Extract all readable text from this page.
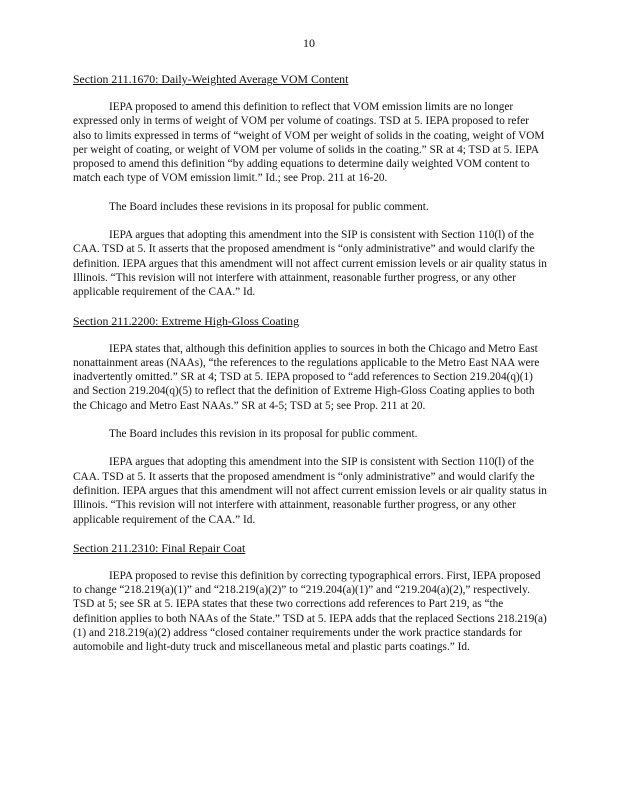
10
Section 211.1670: Daily-Weighted Average VOM Content

IEPA proposed to amend this definition to reflect that VOM emission limits are no longer expressed only in terms of weight of VOM per volume of coatings. TSD at 5. IEPA proposed to refer also to limits expressed in terms of “weight of VOM per weight of solids in the coating, weight of VOM per weight of coating, or weight of VOM per volume of solids in the coating.” SR at 4; TSD at 5. IEPA proposed to amend this definition “by adding equations to determine daily weighted VOM content to match each type of VOM emission limit.” Id.; see Prop. 211 at 16-20.

The Board includes these revisions in its proposal for public comment.

IEPA argues that adopting this amendment into the SIP is consistent with Section 110(l) of the CAA. TSD at 5. It asserts that the proposed amendment is “only administrative” and would clarify the definition. IEPA argues that this amendment will not affect current emission levels or air quality status in Illinois. “This revision will not interfere with attainment, reasonable further progress, or any other applicable requirement of the CAA.” Id.

Section 211.2200: Extreme High-Gloss Coating

IEPA states that, although this definition applies to sources in both the Chicago and Metro East nonattainment areas (NAAs), “the references to the regulations applicable to the Metro East NAA were inadvertently omitted.” SR at 4; TSD at 5. IEPA proposed to “add references to Section 219.204(q)(1) and Section 219.204(q)(5) to reflect that the definition of Extreme High-Gloss Coating applies to both the Chicago and Metro East NAAs.” SR at 4-5; TSD at 5; see Prop. 211 at 20.

The Board includes this revision in its proposal for public comment.

IEPA argues that adopting this amendment into the SIP is consistent with Section 110(l) of the CAA. TSD at 5. It asserts that the proposed amendment is “only administrative” and would clarify the definition. IEPA argues that this amendment will not affect current emission levels or air quality status in Illinois. “This revision will not interfere with attainment, reasonable further progress, or any other applicable requirement of the CAA.” Id.

Section 211.2310: Final Repair Coat

IEPA proposed to revise this definition by correcting typographical errors. First, IEPA proposed to change “218.219(a)(1)” and “218.219(a)(2)” to “219.204(a)(1)” and “219.204(a)(2),” respectively. TSD at 5; see SR at 5. IEPA states that these two corrections add references to Part 219, as “the definition applies to both NAAs of the State.” TSD at 5. IEPA adds that the replaced Sections 218.219(a)(1) and 218.219(a)(2) address “closed container requirements under the work practice standards for automobile and light-duty truck and miscellaneous metal and plastic parts coatings.” Id.
